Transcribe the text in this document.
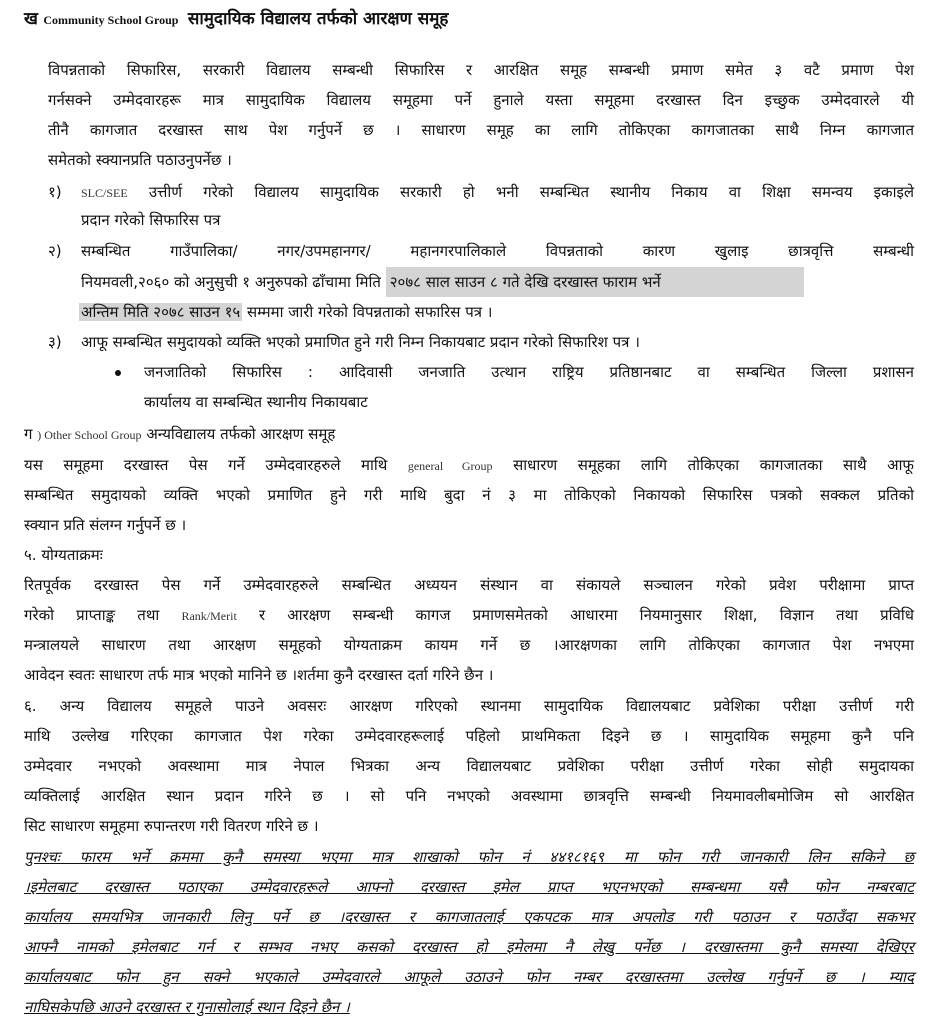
ख Community School Group सामुदायिक विद्यालय तर्फको आरक्षण समूह
विपन्नताको सिफारिस, सरकारी विद्यालय सम्बन्धी सिफारिस र आरक्षित समूह सम्बन्धी प्रमाण समेत ३ वटै प्रमाण पेश
गर्नसक्ने उम्मेदवारहरू मात्र सामुदायिक विद्यालय समूहमा पर्ने हुनाले यस्ता समूहमा दरखास्त दिन इच्छुक उम्मेदवारले यी
तीनै कागजात दरखास्त साथ पेश गर्नुपर्ने छ । साधारण समूह का लागि तोकिएका कागजातका साथै निम्न कागजात
समेतको स्क्यानप्रति पठाउनुपर्नेछ ।
१) SLC/SEE उत्तीर्ण गरेको विद्यालय सामुदायिक सरकारी हो भनी सम्बन्धित स्थानीय निकाय वा शिक्षा समन्वय इकाइले
प्रदान गरेको सिफारिस पत्र
२) सम्बन्धित गाउँपालिका/ नगर/उपमहानगर/ महानगरपालिकाले विपन्नताको कारण खुलाइ छात्रवृत्ति सम्बन्धी
नियमवली,२०६० को अनुसुची १ अनुरुपको ढाँचामा मिति २०७८ साल साउन ८ गते देखि दरखास्त फाराम भर्ने
अन्तिम मिति २०७८ साउन १५ सम्ममा जारी गरेको विपन्नताको सफारिस पत्र ।
३) आफू सम्बन्धित समुदायको व्यक्ति भएको प्रमाणित हुने गरी निम्न निकायबाट प्रदान गरेको सिफारिश पत्र ।
जनजातिको सिफारिस : आदिवासी जनजाति उत्थान राष्ट्रिय प्रतिष्ठानबाट वा सम्बन्धित जिल्ला प्रशासन
कार्यालय वा सम्बन्धित स्थानीय निकायबाट
ग ) Other School Group अन्यविद्यालय तर्फको आरक्षण समूह
यस समूहमा दरखास्त पेस गर्ने उम्मेदवारहरुले माथि general Group साधारण समूहका लागि तोकिएका कागजातका साथै आफू
सम्बन्धित समुदायको व्यक्ति भएको प्रमाणित हुने गरी माथि बुदा नं ३ मा तोकिएको निकायको सिफारिस पत्रको सक्कल प्रतिको
स्क्यान प्रति संलग्न गर्नुपर्ने छ ।
५. योग्यताक्रमः
रितपूर्वक दरखास्त पेस गर्ने उम्मेदवारहरुले सम्बन्धित अध्ययन संस्थान वा संकायले सञ्चालन गरेको प्रवेश परीक्षामा प्राप्त
गरेको प्राप्ताङ्क तथा Rank/Merit र आरक्षण सम्बन्धी कागज प्रमाणसमेतको आधारमा नियमानुसार शिक्षा, विज्ञान तथा प्रविधि
मन्त्रालयले साधारण तथा आरक्षण समूहको योग्यताक्रम कायम गर्ने छ ।आरक्षणका लागि तोकिएका कागजात पेश नभएमा
आवेदन स्वतः साधारण तर्फ मात्र भएको मानिने छ ।शर्तमा कुनै दरखास्त दर्ता गरिने छैन ।
६. अन्य विद्यालय समूहले पाउने अवसरः आरक्षण गरिएको स्थानमा सामुदायिक विद्यालयबाट प्रवेशिका परीक्षा उत्तीर्ण गरी
माथि उल्लेख गरिएका कागजात पेश गरेका उम्मेदवारहरूलाई पहिलो प्राथमिकता दिइने छ । सामुदायिक समूहमा कुनै पनि
उम्मेदवार नभएको अवस्थामा मात्र नेपाल भित्रका अन्य विद्यालयबाट प्रवेशिका परीक्षा उत्तीर्ण गरेका सोही समुदायका
व्यक्तिलाई आरक्षित स्थान प्रदान गरिने छ । सो पनि नभएको अवस्थामा छात्रवृत्ति सम्बन्धी नियमावलीबमोजिम सो आरक्षित
सिट साधारण समूहमा रुपान्तरण गरी वितरण गरिने छ ।
पुनश्चः फारम भर्ने क्रममा कुनै समस्या भएमा मात्र शाखाको फोन नं ४४१८१६९ मा फोन गरी जानकारी लिन सकिने छ
।इमेलबाट दरखास्त पठाएका उम्मेदवारहरूले आफ्नो दरखास्त इमेल प्राप्त भएनभएको सम्बन्धमा यसै फोन नम्बरबाट
कार्यालय समयभित्र जानकारी लिनु पर्ने छ ।दरखास्त र कागजातलाई एकपटक मात्र अपलोड गरी पठाउन र पठाउँदा सकभर
आफ्नै नामको इमेलबाट गर्न र सम्भव नभए कसको दरखास्त हो इमेलमा नै लेखु पर्नेछ । दरखास्तमा कुनै समस्या देखिएर
कार्यालयबाट फोन हुन सक्ने भएकाले उम्मेदवारले आफूले उठाउने फोन नम्बर दरखास्तमा उल्लेख गर्नुपर्ने छ । म्याद
नाघिसकेपछि आउने दरखास्त र गुनासोलाई स्थान दिइने छैन ।
